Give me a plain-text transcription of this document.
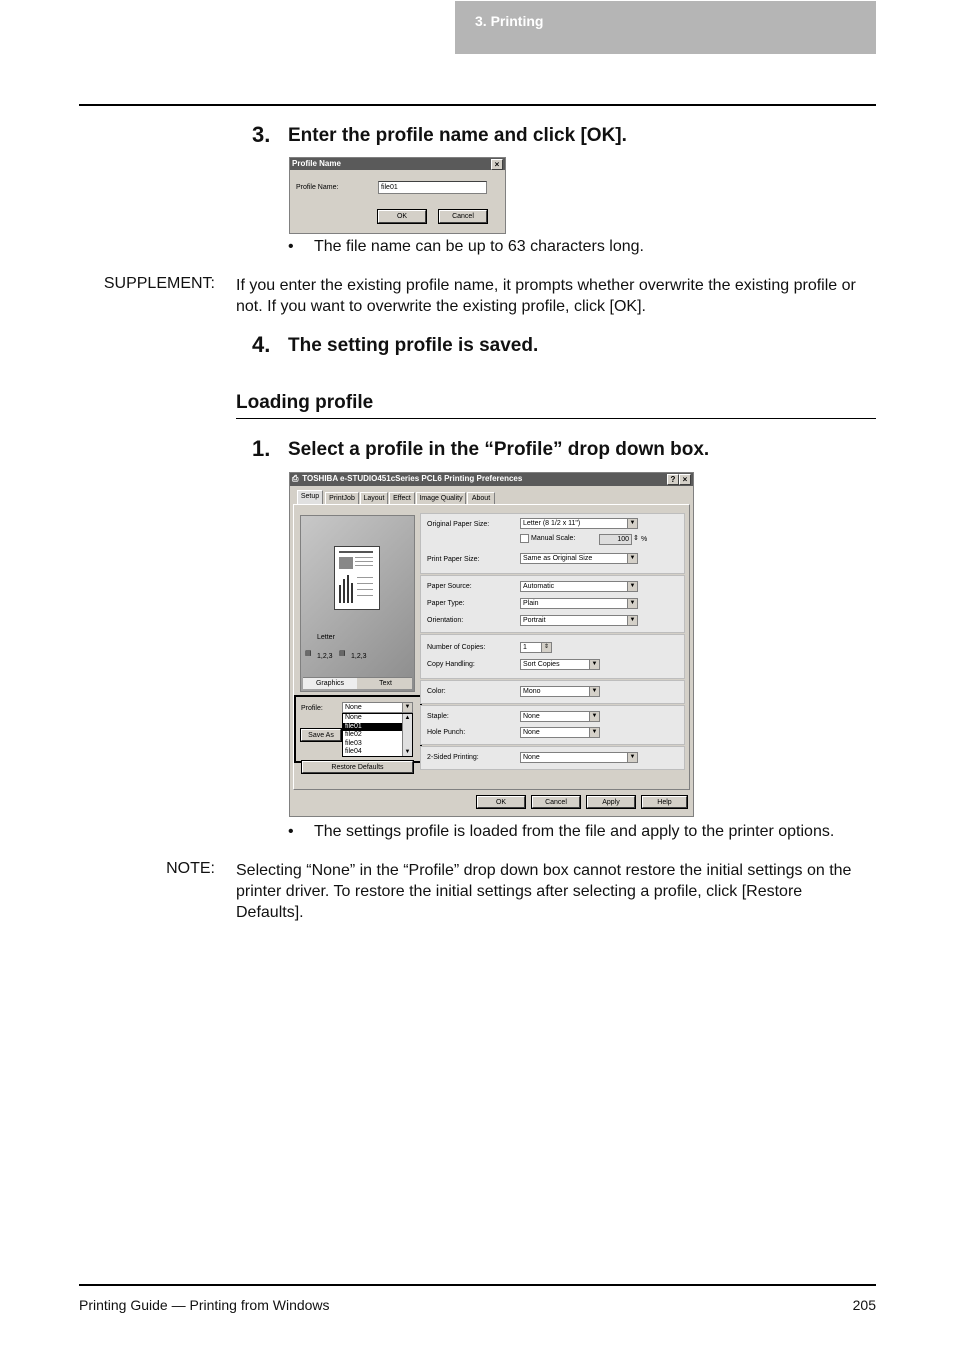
3. Printing
3. Enter the profile name and click [OK].
Profile Name	×
Profile Name:	file01
OK	Cancel
• The file name can be up to 63 characters long.
SUPPLEMENT: If you enter the existing profile name, it prompts whether overwrite the existing profile or
not. If you want to overwrite the existing profile, click [OK].
4. The setting profile is saved.
Loading profile
1. Select a profile in the “Profile” drop down box.
⎙ TOSHIBA e-STUDIO451cSeries PCL6 Printing Preferences	? ×
Setup	PrintJob	Layout	Effect	Image Quality	About
Letter
▤ 1,2,3 ▤ 1,2,3
Graphics	Text
Profile:	None	▼
Save As
None
file01
file02
file03
file04
▲
▼
Restore Defaults
Original Paper Size:	Letter (8 1/2 x 11")	▼
Manual Scale:	100 ⇕ %
Print Paper Size:	Same as Original Size	▼
Paper Source:	Automatic	▼
Paper Type:	Plain	▼
Orientation:	Portrait	▼
Number of Copies:	1	⇕
Copy Handling:	Sort Copies	▼
Color:	Mono	▼
Staple:	None	▼
Hole Punch:	None	▼
2-Sided Printing:	None	▼
OK	Cancel	Apply	Help
• The settings profile is loaded from the file and apply to the printer options.
NOTE: Selecting “None” in the “Profile” drop down box cannot restore the initial settings on the
printer driver. To restore the initial settings after selecting a profile, click [Restore
Defaults].
Printing Guide — Printing from Windows	205
